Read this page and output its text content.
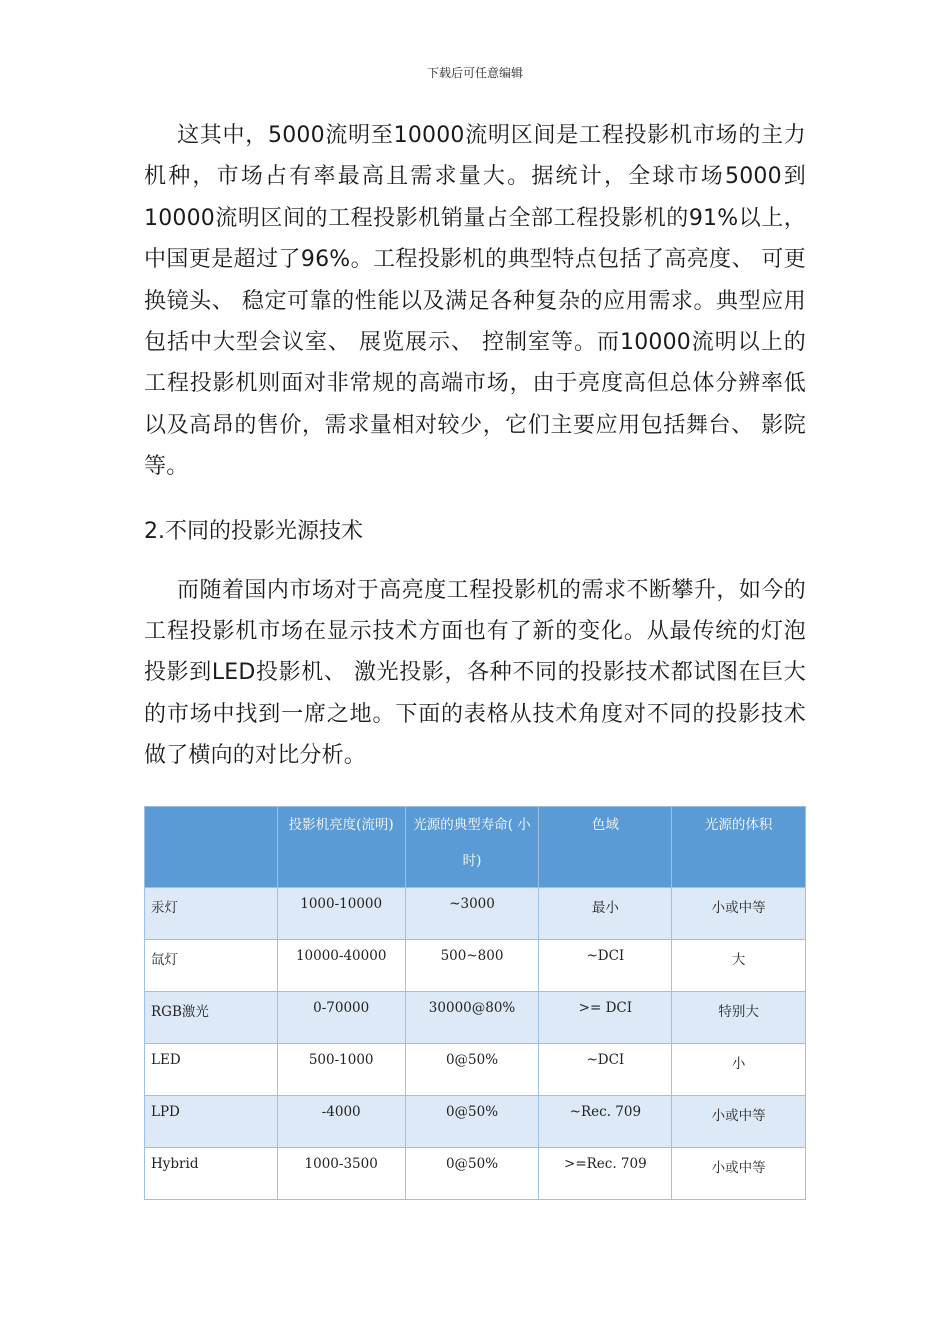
下载后可任意编辑

这其中，5000流明至10000流明区间是工程投影机市场的主力机种，市场占有率最高且需求量大。据统计，全球市场5000到10000流明区间的工程投影机销量占全部工程投影机的91%以上，中国更是超过了96%。工程投影机的典型特点包括了高亮度、 可更换镜头、 稳定可靠的性能以及满足各种复杂的应用需求。典型应用包括中大型会议室、 展览展示、 控制室等。而10000流明以上的工程投影机则面对非常规的高端市场，由于亮度高但总体分辨率低以及高昂的售价，需求量相对较少，它们主要应用包括舞台、 影院等。

2.不同的投影光源技术

而随着国内市场对于高亮度工程投影机的需求不断攀升，如今的工程投影机市场在显示技术方面也有了新的变化。从最传统的灯泡投影到LED投影机、 激光投影，各种不同的投影技术都试图在巨大的市场中找到一席之地。下面的表格从技术角度对不同的投影技术做了横向的对比分析。

	投影机亮度(流明)	光源的典型寿命( 小时)	色域	光源的体积
汞灯	1000-10000	~3000	最小	小或中等
氙灯	10000-40000	500~800	~DCI	大
RGB激光	0-70000	30000@80%	>= DCI	特别大
LED	500-1000	0@50%	~DCI	小
LPD	-4000	0@50%	~Rec. 709	小或中等
Hybrid	1000-3500	0@50%	>=Rec. 709	小或中等
